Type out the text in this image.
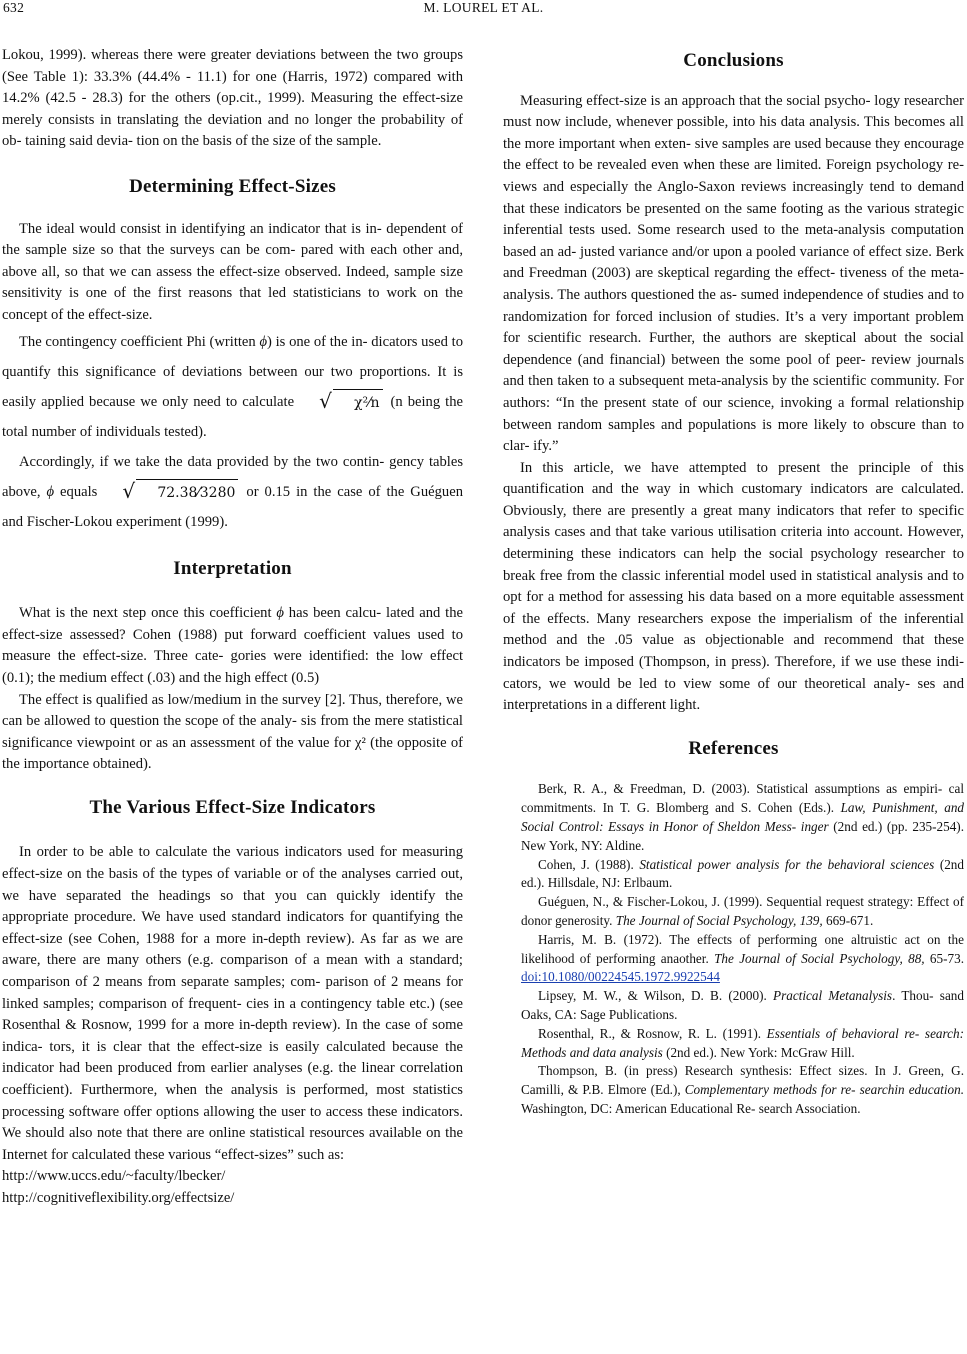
632	M. LOUREL ET AL.

Lokou, 1999). whereas there were greater deviations between the two groups (See Table 1): 33.3% (44.4% - 11.1) for one (Harris, 1972) compared with 14.2% (42.5 - 28.3) for the others (op.cit., 1999). Measuring the effect-size merely consists in translating the deviation and no longer the probability of ob- taining said devia- tion on the basis of the size of the sample.

Determining Effect-Sizes

The ideal would consist in identifying an indicator that is in- dependent of the sample size so that the surveys can be com- pared with each other and, above all, so that we can assess the effect-size observed. Indeed, sample size sensitivity is one of the first reasons that led statisticians to work on the concept of the effect-size.

The contingency coefficient Phi (written ϕ) is one of the in- dicators used to quantify this significance of deviations between our two proportions. It is easily applied because we only need to calculate	√ χ²⁄n (n being the total number of individuals tested).

Accordingly, if we take the data provided by the two contin- gency tables above, ϕ equals	√ 72.38⁄3280 or 0.15 in the case of the Guéguen and Fischer-Lokou experiment (1999).

Interpretation

What is the next step once this coefficient ϕ has been calcu- lated and the effect-size assessed? Cohen (1988) put forward coefficient values used to measure the effect-size. Three cate- gories were identified: the low effect (0.1); the medium effect (.03) and the high effect (0.5)

The effect is qualified as low/medium in the survey [2]. Thus, therefore, we can be allowed to question the scope of the analy- sis from the mere statistical significance viewpoint or as an assessment of the value for χ² (the opposite of the importance obtained).

The Various Effect-Size Indicators

In order to be able to calculate the various indicators used for measuring effect-size on the basis of the types of variable or of the analyses carried out, we have separated the headings so that you can quickly identify the appropriate procedure. We have used standard indicators for quantifying the effect-size (see Cohen, 1988 for a more in-depth review). As far as we are aware, there are many others (e.g. comparison of a mean with a standard; comparison of 2 means from separate samples; com- parison of 2 means for linked samples; comparison of frequent- cies in a contingency table etc.) (see Rosenthal & Rosnow, 1999 for a more in-depth review). In the case of some indica- tors, it is clear that the effect-size is easily calculated because the indicator had been produced from earlier analyses (e.g. the linear correlation coefficient). Furthermore, when the analysis is performed, most statistics processing software offer options allowing the user to access these indicators. We should also note that there are online statistical resources available on the Internet for calculated these various “effect-sizes” such as:

http://www.uccs.edu/~faculty/lbecker/
http://cognitiveflexibility.org/effectsize/
Conclusions

Measuring effect-size is an approach that the social psycho- logy researcher must now include, whenever possible, into his data analysis. This becomes all the more important when exten- sive samples are used because they encourage the effect to be revealed even when these are limited. Foreign psychology re- views and especially the Anglo-Saxon reviews increasingly tend to demand that these indicators be presented on the same footing as the various strategic inferential tests used. Some research used to the meta-analysis computation based an ad- justed variance and/or upon a pooled variance of effect size. Berk and Freedman (2003) are skeptical regarding the effect- tiveness of the meta-analysis. The authors questioned the as- sumed independence of studies and to randomization for forced inclusion of studies. It’s a very important problem for scientific research. Further, the authors are skeptical about the social dependence (and financial) between the some pool of peer- review journals and then taken to a subsequent meta-analysis by the scientific community. For authors: “In the present state of our science, invoking a formal relationship between random samples and populations is more likely to obscure than to clar- ify.”

In this article, we have attempted to present the principle of this quantification and the way in which customary indicators are calculated. Obviously, there are presently a great many indicators that refer to specific analysis cases and that take various utilisation criteria into account. However, determining these indicators can help the social psychology researcher to break free from the classic inferential model used in statistical analysis and to opt for a method for assessing his data based on a more equitable assessment of the effects. Many researchers expose the imperialism of the inferential method and the .05 value as objectionable and recommend that these indicators be imposed (Thompson, in press). Therefore, if we use these indi- cators, we would be led to view some of our theoretical analy- ses and interpretations in a different light.

References

Berk, R. A., & Freedman, D. (2003). Statistical assumptions as empiri- cal commitments. In T. G. Blomberg and S. Cohen (Eds.). Law, Punishment, and Social Control: Essays in Honor of Sheldon Mess- inger (2nd ed.) (pp. 235-254). New York, NY: Aldine.

Cohen, J. (1988). Statistical power analysis for the behavioral sciences (2nd ed.). Hillsdale, NJ: Erlbaum.

Guéguen, N., & Fischer-Lokou, J. (1999). Sequential request strategy: Effect of donor generosity. The Journal of Social Psychology, 139, 669-671.

Harris, M. B. (1972). The effects of performing one altruistic act on the likelihood of performing anaother. The Journal of Social Psychology, 88, 65-73. doi:10.1080/00224545.1972.9922544

Lipsey, M. W., & Wilson, D. B. (2000). Practical Metanalysis. Thou- sand Oaks, CA: Sage Publications.

Rosenthal, R., & Rosnow, R. L. (1991). Essentials of behavioral re- search: Methods and data analysis (2nd ed.). New York: McGraw Hill.

Thompson, B. (in press) Research synthesis: Effect sizes. In J. Green, G. Camilli, & P.B. Elmore (Ed.), Complementary methods for re- searchin education. Washington, DC: American Educational Re- search Association.
